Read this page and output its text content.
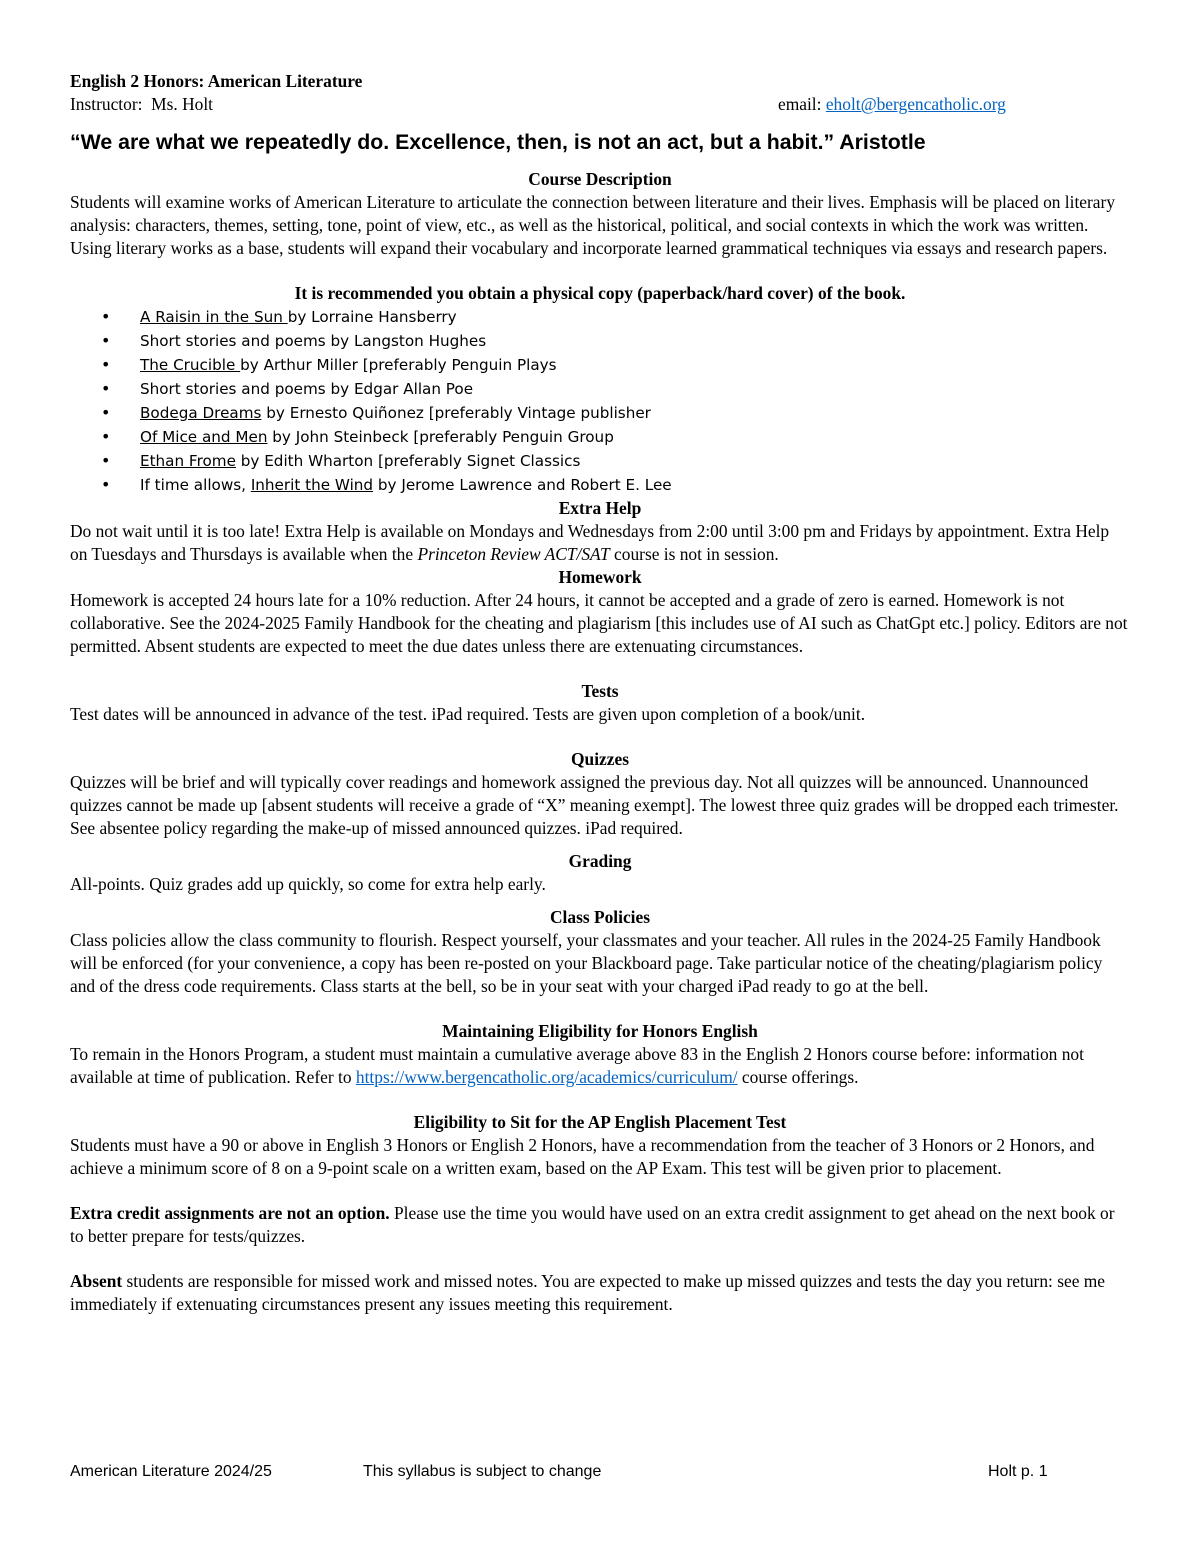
English 2 Honors: American Literature

Instructor: Ms. Holt	email: eholt@bergencatholic.org

“We are what we repeatedly do. Excellence, then, is not an act, but a habit.” Aristotle

Course Description

Students will examine works of American Literature to articulate the connection between literature and their lives. Emphasis will be placed on literary analysis: characters, themes, setting, tone, point of view, etc., as well as the historical, political, and social contexts in which the work was written. Using literary works as a base, students will expand their vocabulary and incorporate learned grammatical techniques via essays and research papers.

It is recommended you obtain a physical copy (paperback/hard cover) of the book.

• A Raisin in the Sun by Lorraine Hansberry
• Short stories and poems by Langston Hughes
• The Crucible by Arthur Miller [preferably Penguin Plays
• Short stories and poems by Edgar Allan Poe
• Bodega Dreams by Ernesto Quiñonez [preferably Vintage publisher
• Of Mice and Men by John Steinbeck [preferably Penguin Group
• Ethan Frome by Edith Wharton [preferably Signet Classics
• If time allows, Inherit the Wind by Jerome Lawrence and Robert E. Lee

Extra Help

Do not wait until it is too late! Extra Help is available on Mondays and Wednesdays from 2:00 until 3:00 pm and Fridays by appointment. Extra Help on Tuesdays and Thursdays is available when the Princeton Review ACT/SAT course is not in session.

Homework

Homework is accepted 24 hours late for a 10% reduction. After 24 hours, it cannot be accepted and a grade of zero is earned. Homework is not collaborative. See the 2024-2025 Family Handbook for the cheating and plagiarism [this includes use of AI such as ChatGpt etc.] policy. Editors are not permitted. Absent students are expected to meet the due dates unless there are extenuating circumstances.

Tests

Test dates will be announced in advance of the test. iPad required. Tests are given upon completion of a book/unit.

Quizzes

Quizzes will be brief and will typically cover readings and homework assigned the previous day. Not all quizzes will be announced. Unannounced quizzes cannot be made up [absent students will receive a grade of “X” meaning exempt]. The lowest three quiz grades will be dropped each trimester. See absentee policy regarding the make-up of missed announced quizzes. iPad required.

Grading

All-points. Quiz grades add up quickly, so come for extra help early.

Class Policies

Class policies allow the class community to flourish. Respect yourself, your classmates and your teacher. All rules in the 2024-25 Family Handbook will be enforced (for your convenience, a copy has been re-posted on your Blackboard page. Take particular notice of the cheating/plagiarism policy and of the dress code requirements. Class starts at the bell, so be in your seat with your charged iPad ready to go at the bell.

Maintaining Eligibility for Honors English

To remain in the Honors Program, a student must maintain a cumulative average above 83 in the English 2 Honors course before: information not available at time of publication. Refer to https://www.bergencatholic.org/academics/curriculum/ course offerings.

Eligibility to Sit for the AP English Placement Test

Students must have a 90 or above in English 3 Honors or English 2 Honors, have a recommendation from the teacher of 3 Honors or 2 Honors, and achieve a minimum score of 8 on a 9-point scale on a written exam, based on the AP Exam. This test will be given prior to placement.

Extra credit assignments are not an option. Please use the time you would have used on an extra credit assignment to get ahead on the next book or to better prepare for tests/quizzes.

Absent students are responsible for missed work and missed notes. You are expected to make up missed quizzes and tests the day you return: see me immediately if extenuating circumstances present any issues meeting this requirement.

American Literature 2024/25	This syllabus is subject to change	Holt p. 1
